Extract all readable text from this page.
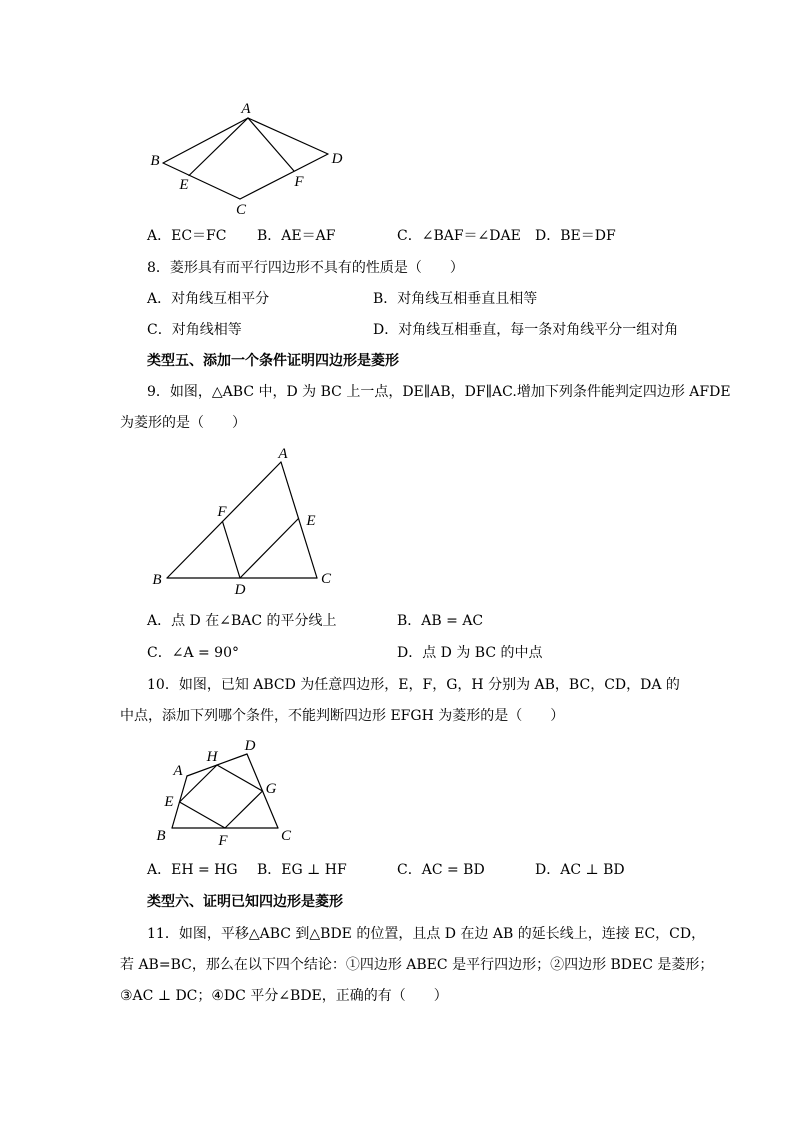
A
B
C
D
E	F
A．EC＝FC B．AE＝AF	C．∠BAF＝∠DAE D．BE＝DF
8．菱形具有而平行四边形不具有的性质是（　　）
A．对角线互相平分	B．对角线互相垂直且相等
C．对角线相等	D．对角线互相垂直，每一条对角线平分一组对角
类型五、添加一个条件证明四边形是菱形
9．如图，△ABC 中，D 为 BC 上一点，DE∥AB，DF∥AC.增加下列条件能判定四边形 AFDE
为菱形的是（　　）
A
B	C
D
E
F
A．点 D 在∠BAC 的平分线上	B．AB = AC
C．∠A = 90°	D．点 D 为 BC 的中点
10．如图，已知 ABCD 为任意四边形，E，F，G，H 分别为 AB，BC，CD，DA 的
中点，添加下列哪个条件，不能判断四边形 EFGH 为菱形的是（　　）
A
B	C
D
E
F
G
H
A．EH = HG B．EG ⊥ HF	C．AC = BD	D．AC ⊥ BD
类型六、证明已知四边形是菱形
11．如图，平移△ABC 到△BDE 的位置，且点 D 在边 AB 的延长线上，连接 EC，CD，
若 AB=BC，那么在以下四个结论：①四边形 ABEC 是平行四边形；②四边形 BDEC 是菱形；
③AC ⊥ DC；④DC 平分∠BDE，正确的有（　　）
